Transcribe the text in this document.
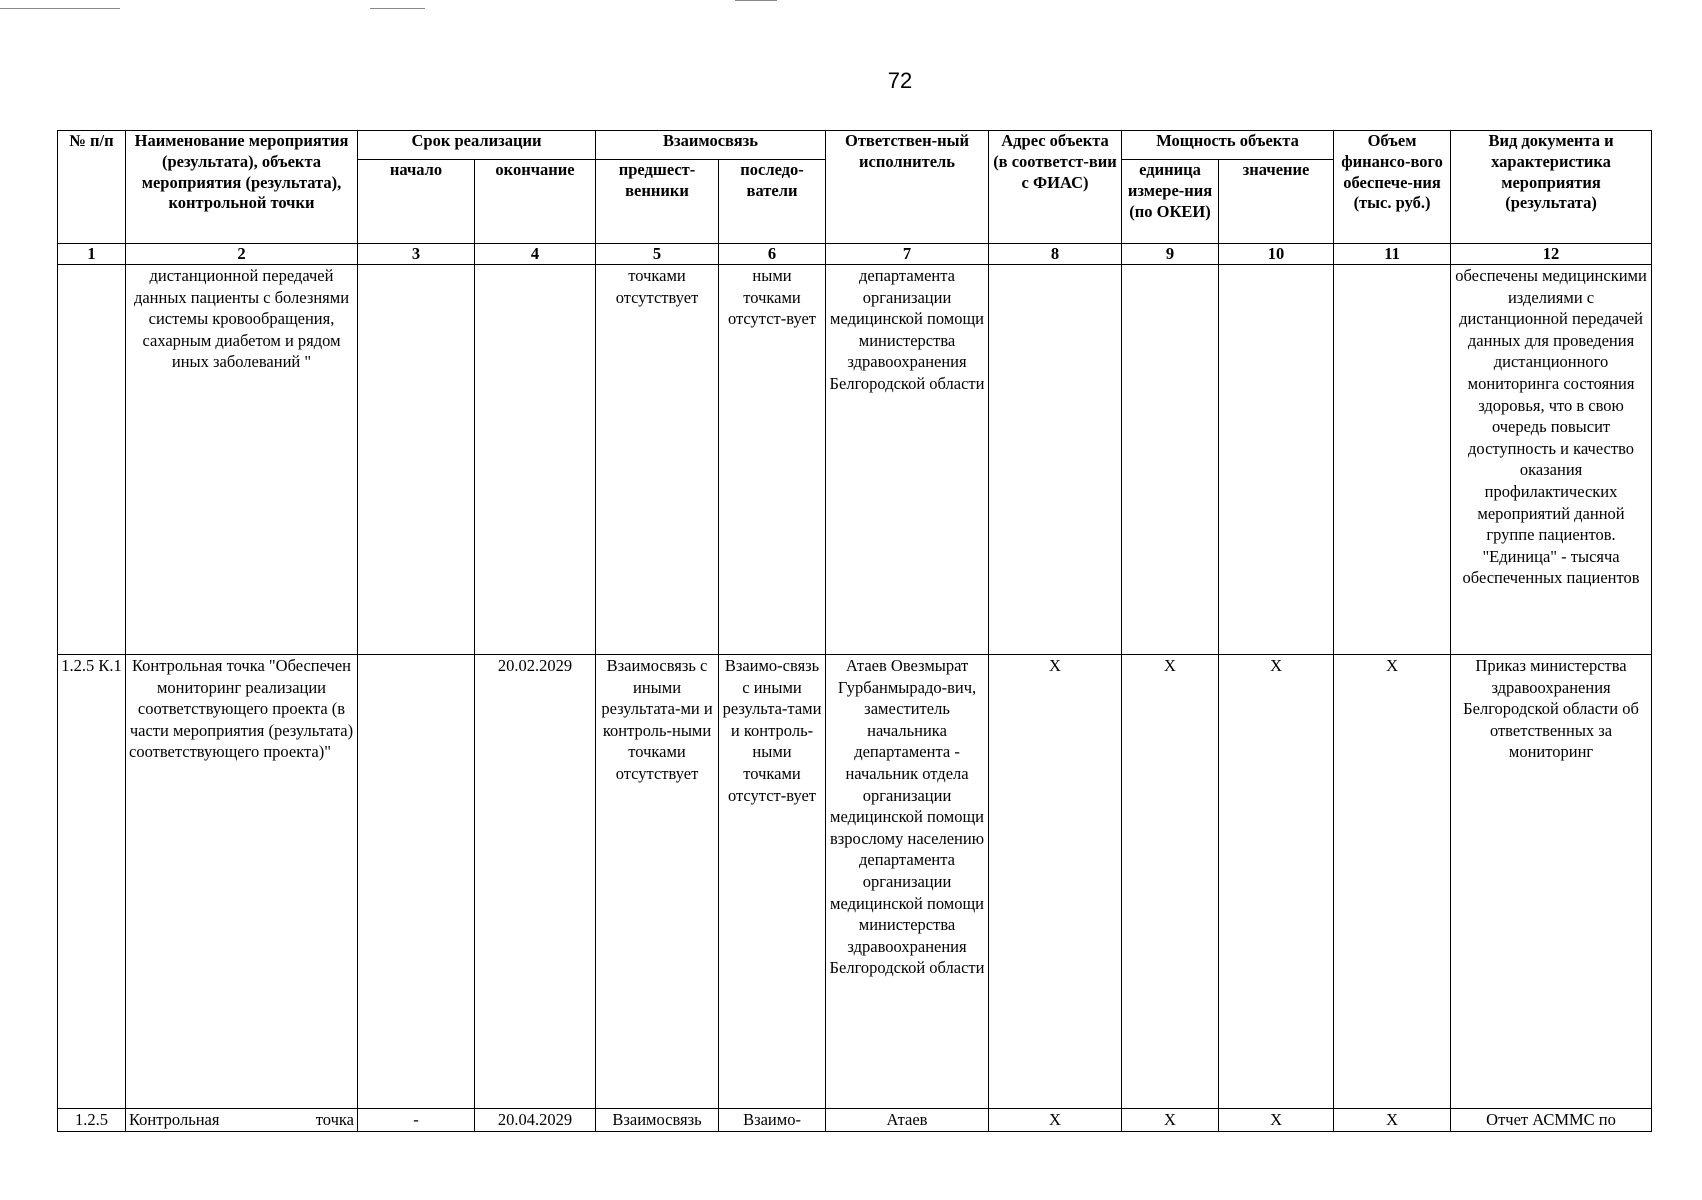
72
№ п/п	Наименование мероприятия (результата), объекта мероприятия (результата), контрольной точки	Срок реализации		Взаимосвязь		Ответствен-ный исполнитель	Адрес объекта (в соответст-вии с ФИАС)	Мощность объекта		Объем финансо-вого обеспече-ния (тыс. руб.)	Вид документа и характеристика мероприятия (результата)
		начало	окончание	предшест-венники	последо-ватели			единица измере-ния (по ОКЕИ)	значение		
1	2	3	4	5	6	7	8	9	10	11	12
	дистанционной передачей данных пациенты с болезнями системы кровообращения, сахарным диабетом и рядом иных заболеваний "			точками отсутствует	ными точками отсутст-вует	департамента организации медицинской помощи министерства здравоохранения Белгородской области					обеспечены медицинскими изделиями с дистанционной передачей данных для проведения дистанционного мониторинга состояния здоровья, что в свою очередь повысит доступность и качество оказания профилактических мероприятий данной группе пациентов. "Единица" - тысяча обеспеченных пациентов
1.2.5 К.1	Контрольная точка "Обеспечен мониторинг реализации соответствующего проекта (в части мероприятия (результата) соответствующего проекта)"		20.02.2029	Взаимосвязь с иными результата-ми и контроль-ными точками отсутствует	Взаимо-связь с иными результа-тами и контроль-ными точками отсутст-вует	Атаев Овезмырат Гурбанмырадо-вич, заместитель начальника департамента - начальник отдела организации медицинской помощи взрослому населению департамента организации медицинской помощи министерства здравоохранения Белгородской области	Х	Х	Х	Х	Приказ министерства здравоохранения Белгородской области об ответственных за мониторинг
1.2.5	Контрольная точка	-	20.04.2029	Взаимосвязь	Взаимо-	Атаев	Х	Х	Х	Х	Отчет АСММС по
